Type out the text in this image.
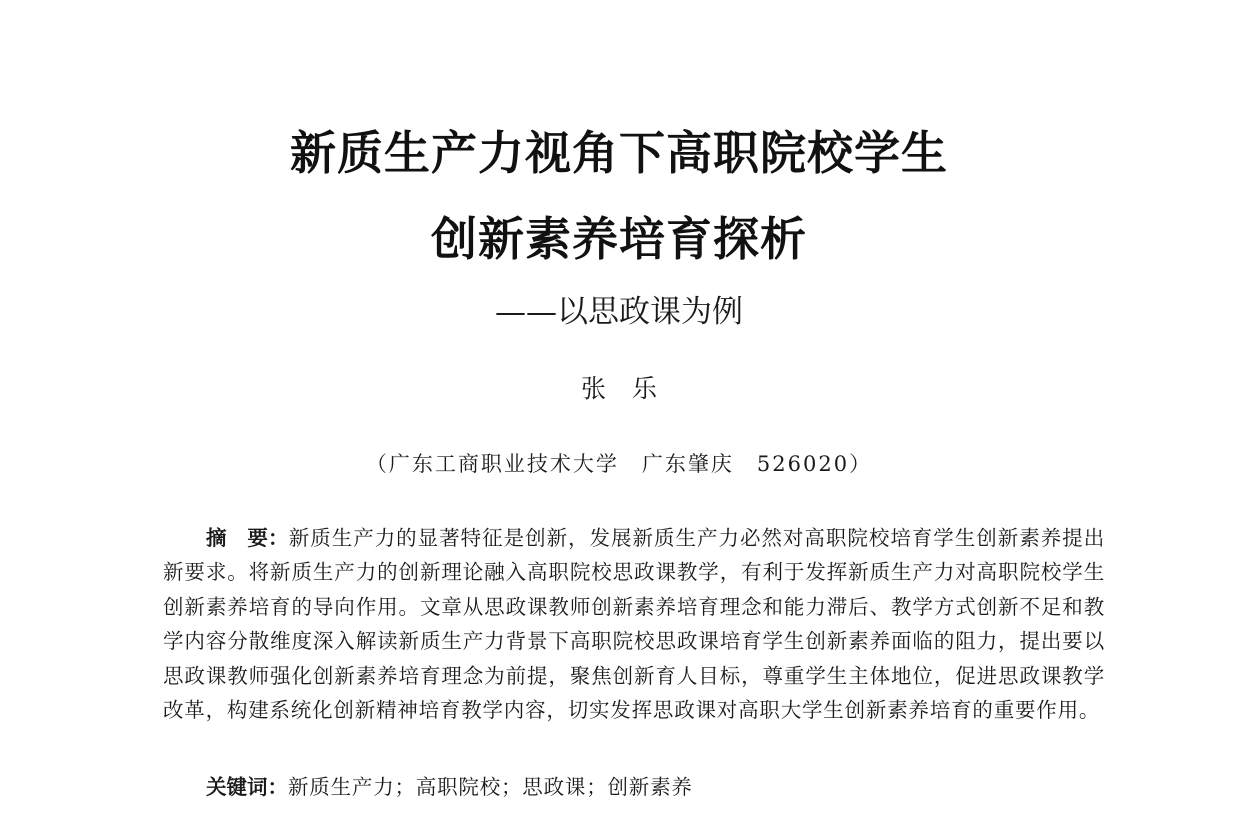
新质生产力视角下高职院校学生
创新素养培育探析
——以思政课为例
张乐
（广东工商职业技术大学　广东肇庆　526020）
摘　要：新质生产力的显著特征是创新，发展新质生产力必然对高职院校培育学生创新素养提出新要求。将新质生产力的创新理论融入高职院校思政课教学，有利于发挥新质生产力对高职院校学生创新素养培育的导向作用。文章从思政课教师创新素养培育理念和能力滞后、教学方式创新不足和教学内容分散维度深入解读新质生产力背景下高职院校思政课培育学生创新素养面临的阻力，提出要以思政课教师强化创新素养培育理念为前提，聚焦创新育人目标，尊重学生主体地位，促进思政课教学改革，构建系统化创新精神培育教学内容，切实发挥思政课对高职大学生创新素养培育的重要作用。
关键词：新质生产力；高职院校；思政课；创新素养
